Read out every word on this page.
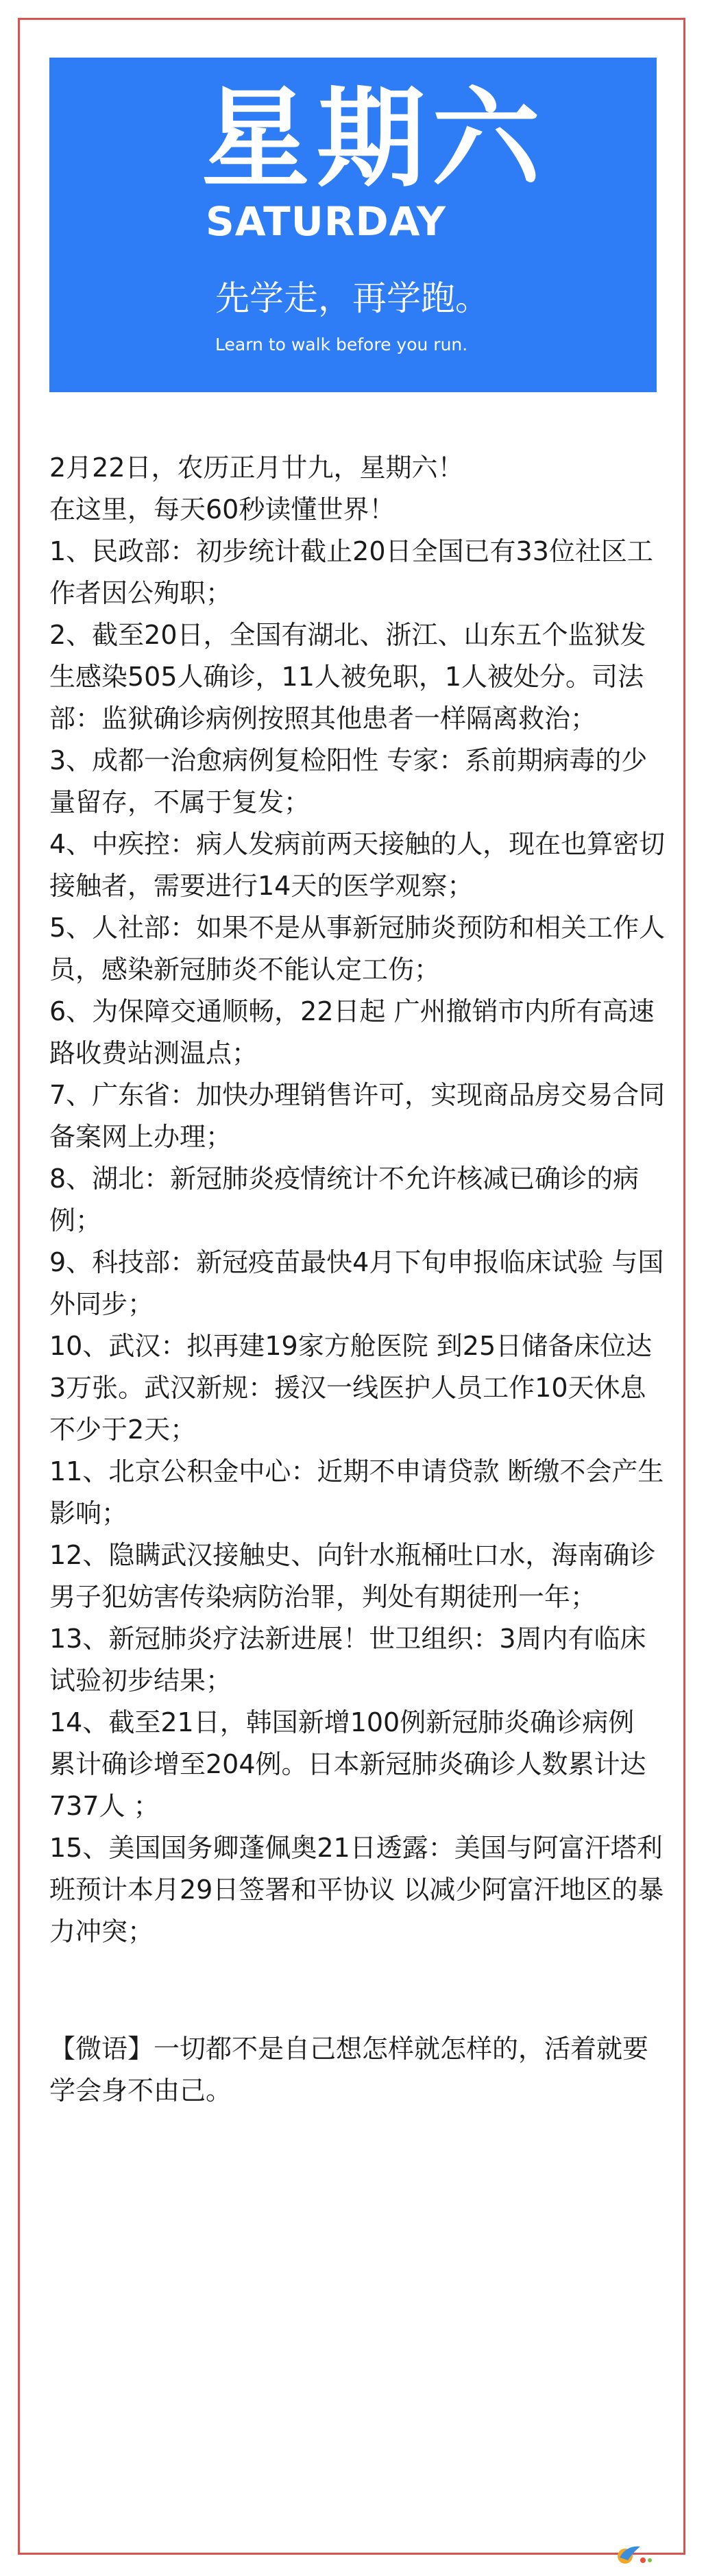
星期六
SATURDAY
先学走，再学跑。
Learn to walk before you run.

2月22日，农历正月廿九，星期六！

在这里，每天60秒读懂世界！

1、民政部：初步统计截止20日全国已有33位社区工作者因公殉职；

2、截至20日，全国有湖北、浙江、山东五个监狱发生感染505人确诊，11人被免职，1人被处分。司法部：监狱确诊病例按照其他患者一样隔离救治；

3、成都一治愈病例复检阳性 专家：系前期病毒的少量留存，不属于复发；

4、中疾控：病人发病前两天接触的人，现在也算密切接触者，需要进行14天的医学观察；

5、人社部：如果不是从事新冠肺炎预防和相关工作人员，感染新冠肺炎不能认定工伤；

6、为保障交通顺畅，22日起 广州撤销市内所有高速路收费站测温点；

7、广东省：加快办理销售许可，实现商品房交易合同备案网上办理；

8、湖北：新冠肺炎疫情统计不允许核减已确诊的病例；

9、科技部：新冠疫苗最快4月下旬申报临床试验 与国外同步；

10、武汉：拟再建19家方舱医院 到25日储备床位达3万张。武汉新规：援汉一线医护人员工作10天休息不少于2天；

11、北京公积金中心：近期不申请贷款 断缴不会产生影响；

12、隐瞒武汉接触史、向针水瓶桶吐口水，海南确诊男子犯妨害传染病防治罪，判处有期徒刑一年；

13、新冠肺炎疗法新进展！世卫组织：3周内有临床试验初步结果；

14、截至21日，韩国新增100例新冠肺炎确诊病例 累计确诊增至204例。日本新冠肺炎确诊人数累计达737人 ；

15、美国国务卿蓬佩奥21日透露：美国与阿富汗塔利班预计本月29日签署和平协议 以减少阿富汗地区的暴力冲突；

【微语】一切都不是自己想怎样就怎样的，活着就要学会身不由己。
